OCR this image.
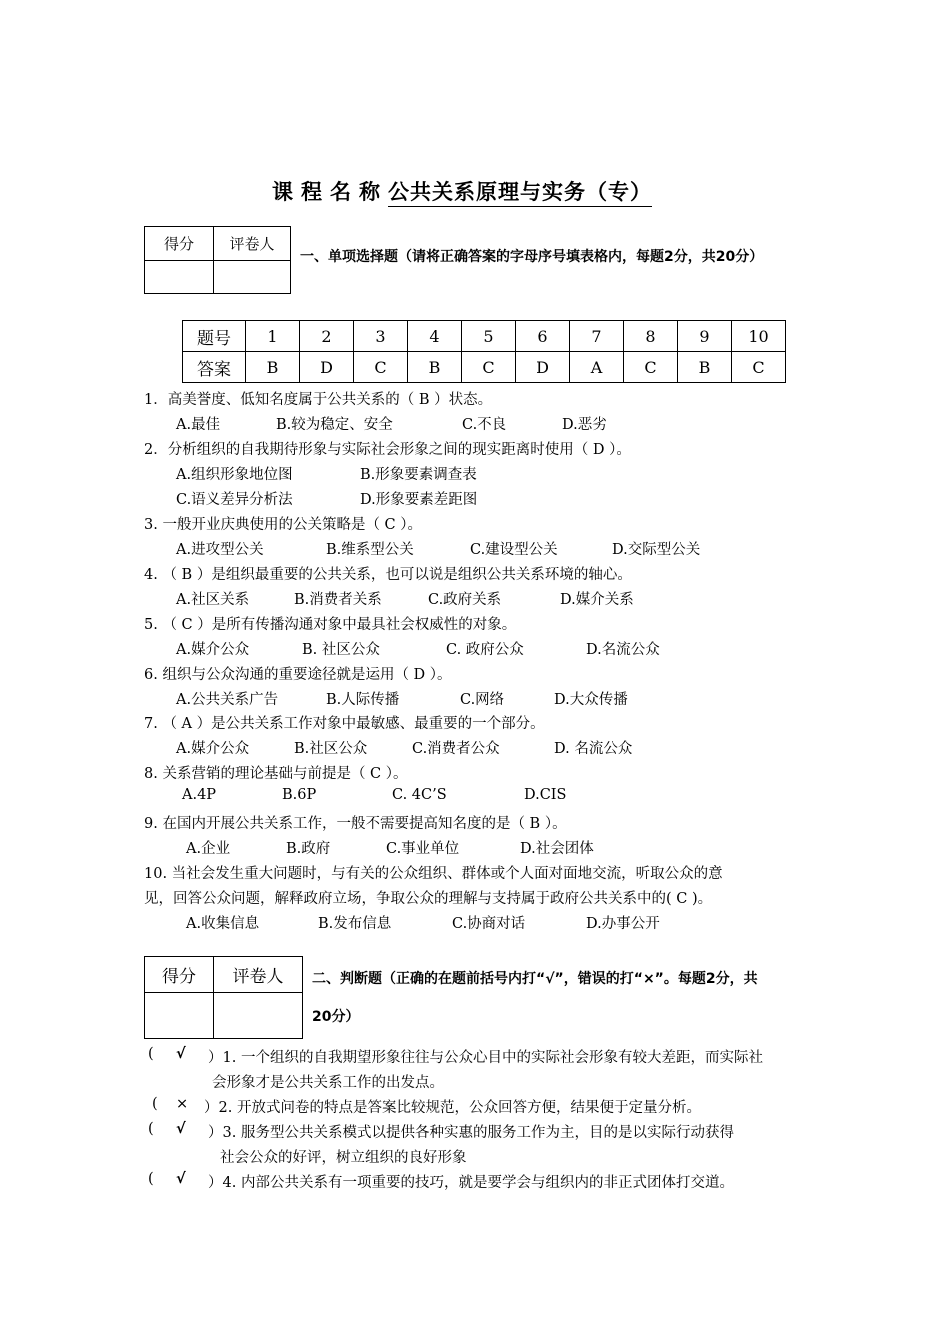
课程名称公共关系原理与实务（专）
得分	评卷人

一、单项选择题（请将正确答案的字母序号填表格内，每题2分，共20分）
题号	1	2	3	4	5	6	7	8	9	10
答案	B	D	C	B	C	D	A	C	B	C
1．高美誉度、低知名度属于公共关系的（ B ）状态。
A.最佳	B.较为稳定、安全	C.不良	D.恶劣
2．分析组织的自我期待形象与实际社会形象之间的现实距离时使用（ D ）。
A.组织形象地位图	B.形象要素调查表
C.语义差异分析法	D.形象要素差距图
3. 一般开业庆典使用的公关策略是（ C ）。
A.进攻型公关	B.维系型公关	C.建设型公关	D.交际型公关
4. （ B ）是组织最重要的公共关系，也可以说是组织公共关系环境的轴心。
A.社区关系	B.消费者关系	C.政府关系	D.媒介关系
5. （ C ）是所有传播沟通对象中最具社会权威性的对象。
A.媒介公众	B. 社区公众	C. 政府公众	D.名流公众
6. 组织与公众沟通的重要途径就是运用（ D ）。
A.公共关系广告	B.人际传播	C.网络	D.大众传播
7. （ A ）是公共关系工作对象中最敏感、最重要的一个部分。
A.媒介公众	B.社区公众	C.消费者公众	D. 名流公众
8. 关系营销的理论基础与前提是（ C ）。
A.4P	B.6P	C. 4C’S	D.CIS
9. 在国内开展公共关系工作，一般不需要提高知名度的是（ B ）。
A.企业	B.政府	C.事业单位	D.社会团体
10. 当社会发生重大问题时，与有关的公众组织、群体或个人面对面地交流，听取公众的意
见，回答公众问题，解释政府立场，争取公众的理解与支持属于政府公共关系中的( C )。
A.收集信息	B.发布信息	C.协商对话	D.办事公开
得分	评卷人
	二、判断题（正确的在题前括号内打“√”，错误的打“×”。每题2分，共
20分）
( √ ）1. 一个组织的自我期望形象往往与公众心目中的实际社会形象有较大差距，而实际社
会形象才是公共关系工作的出发点。
( × ）2. 开放式问卷的特点是答案比较规范，公众回答方便，结果便于定量分析。
( √ ）3. 服务型公共关系模式以提供各种实惠的服务工作为主，目的是以实际行动获得
社会公众的好评，树立组织的良好形象
( √ ）4. 内部公共关系有一项重要的技巧，就是要学会与组织内的非正式团体打交道。
